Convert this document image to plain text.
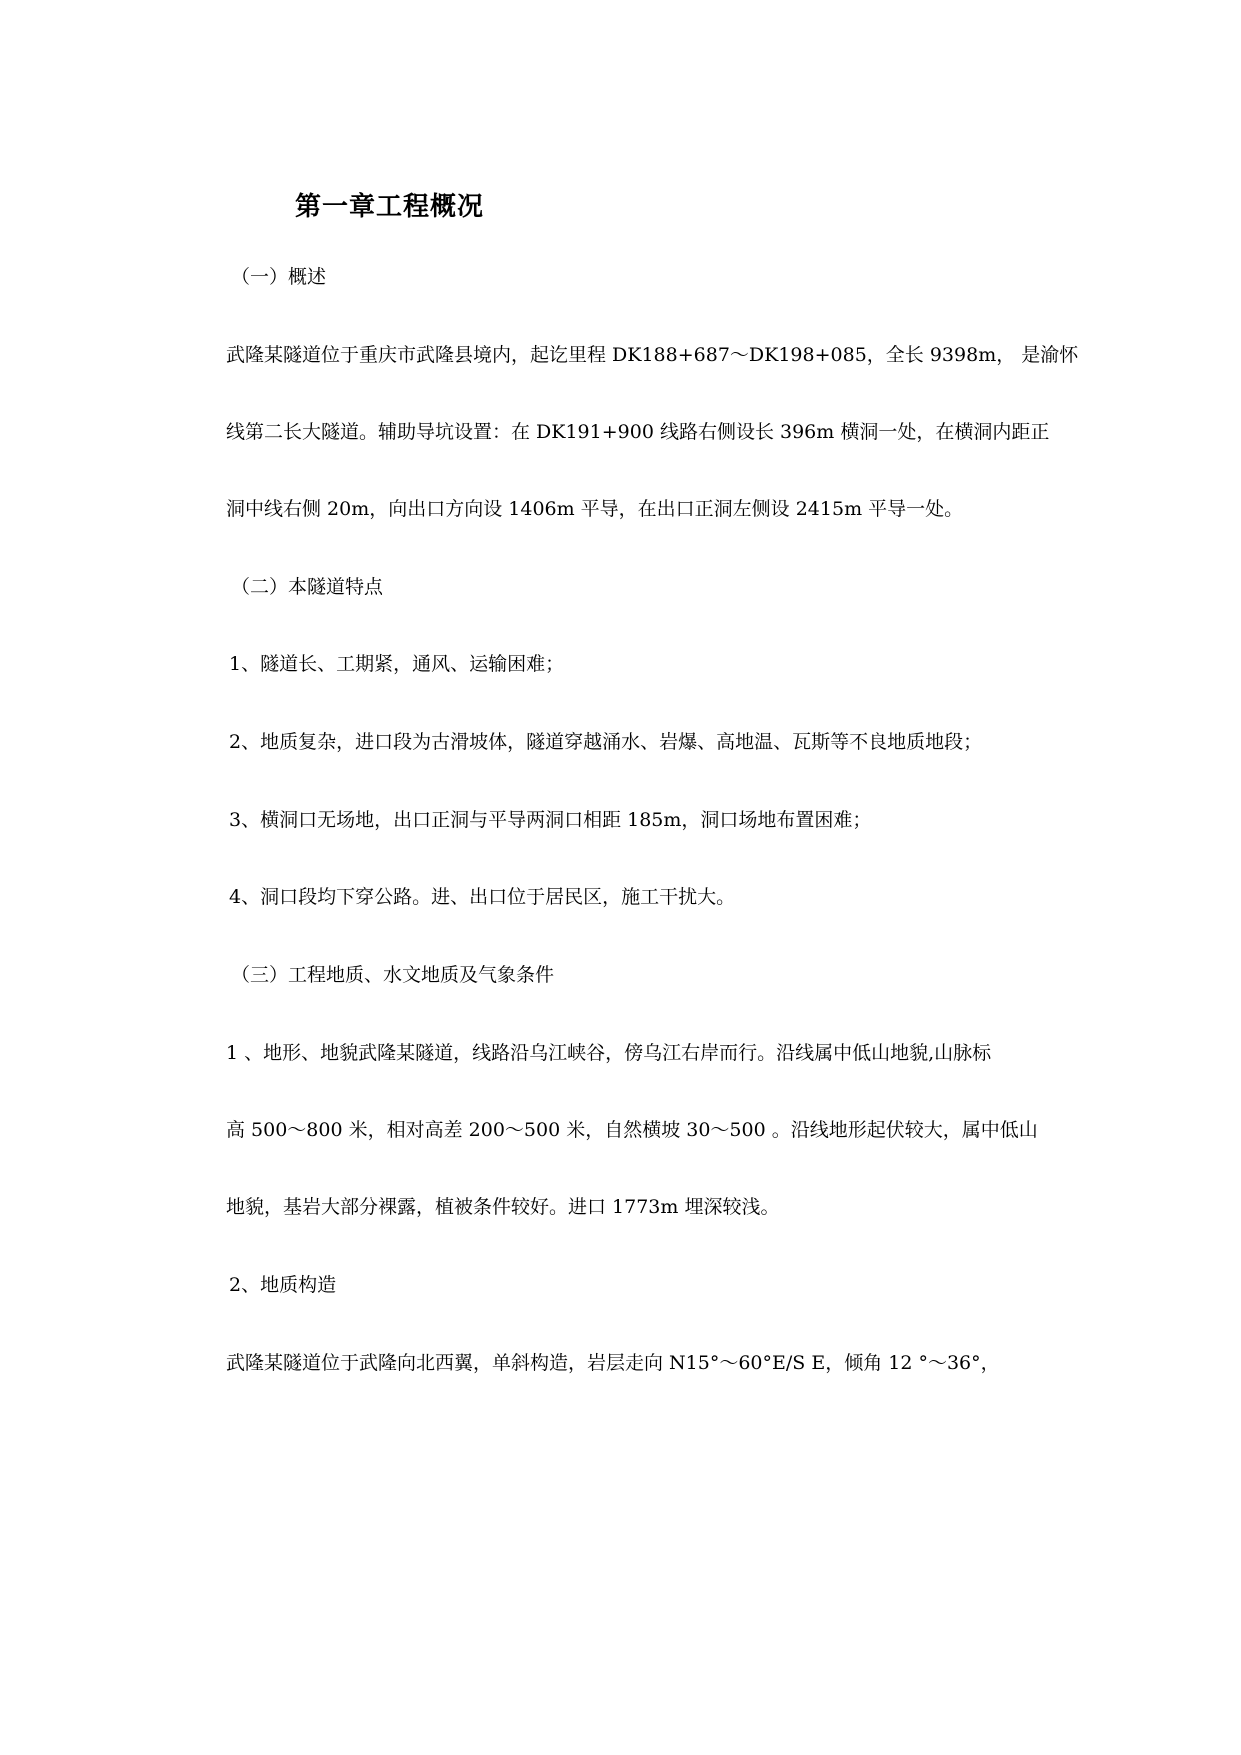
第一章工程概况
（一）概述
武隆某隧道位于重庆市武隆县境内，起讫里程 DK188+687～DK198+085，全长 9398m， 是渝怀
线第二长大隧道。辅助导坑设置：在 DK191+900 线路右侧设长 396m 横洞一处，在横洞内距正
洞中线右侧 20m，向出口方向设 1406m 平导，在出口正洞左侧设 2415m 平导一处。
（二）本隧道特点
1、隧道长、工期紧，通风、运输困难；
2、地质复杂，进口段为古滑坡体，隧道穿越涌水、岩爆、高地温、瓦斯等不良地质地段；
3、横洞口无场地，出口正洞与平导两洞口相距 185m，洞口场地布置困难；
4、洞口段均下穿公路。进、出口位于居民区，施工干扰大。
（三）工程地质、水文地质及气象条件
1 、地形、地貌武隆某隧道，线路沿乌江峡谷，傍乌江右岸而行。沿线属中低山地貌,山脉标
高 500～800 米，相对高差 200～500 米，自然横坡 30～500 。沿线地形起伏较大，属中低山
地貌，基岩大部分裸露，植被条件较好。进口 1773m 埋深较浅。
2、地质构造
武隆某隧道位于武隆向北西翼，单斜构造，岩层走向 N15°～60°E/S E，倾角 12 °～36°，
